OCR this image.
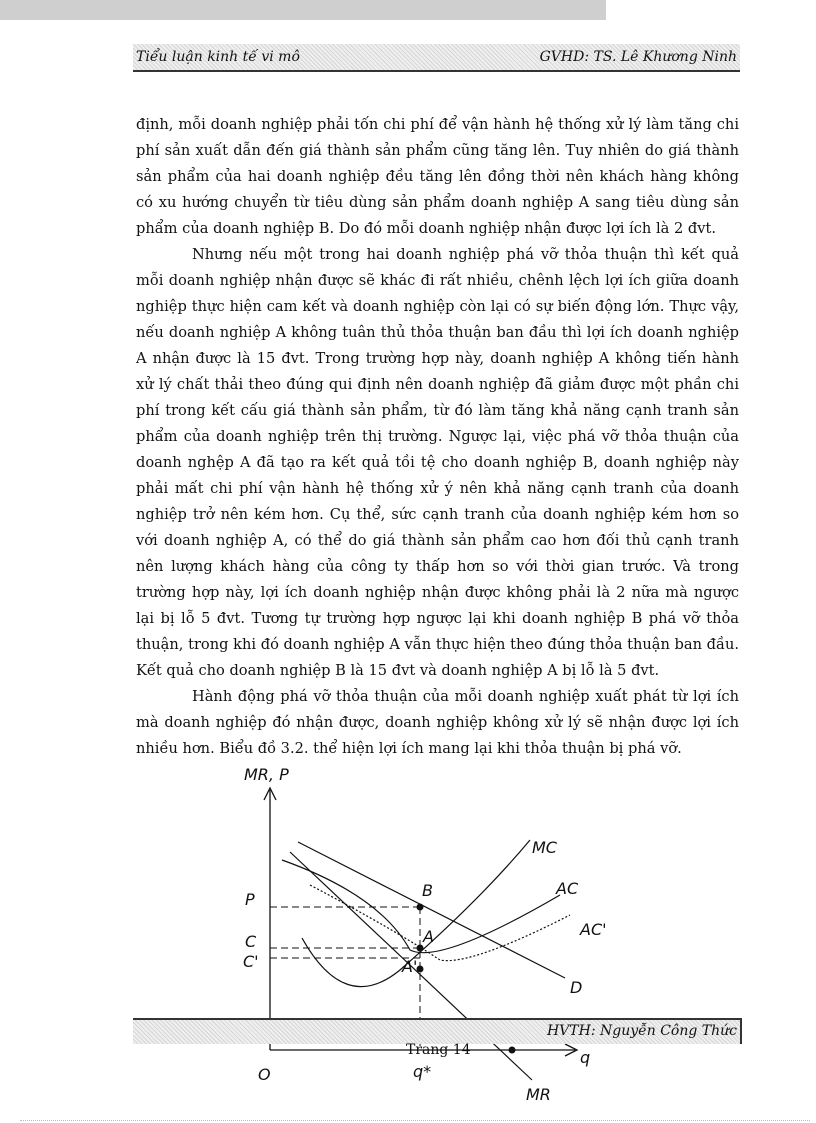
Tiểu luận kinh tế vi mô	GVHD: TS. Lê Khương Ninh

định, mỗi doanh nghiệp phải tốn chi phí để vận hành hệ thống xử lý làm tăng chi phí sản xuất dẫn đến giá thành sản phẩm cũng tăng lên. Tuy nhiên do giá thành sản phẩm của hai doanh nghiệp đều tăng lên đồng thời nên khách hàng không có xu hướng chuyển từ tiêu dùng sản phẩm doanh nghiệp A sang tiêu dùng sản phẩm của doanh nghiệp B. Do đó mỗi doanh nghiệp nhận được lợi ích là 2 đvt.

Nhưng nếu một trong hai doanh nghiệp phá vỡ thỏa thuận thì kết quả mỗi doanh nghiệp nhận được sẽ khác đi rất nhiều, chênh lệch lợi ích giữa doanh nghiệp thực hiện cam kết và doanh nghiệp còn lại có sự biến động lớn. Thực vậy, nếu doanh nghiệp A không tuân thủ thỏa thuận ban đầu thì lợi ích doanh nghiệp A nhận được là 15 đvt. Trong trường hợp này, doanh nghiệp A không tiến hành xử lý chất thải theo đúng qui định nên doanh nghiệp đã giảm được một phần chi phí trong kết cấu giá thành sản phẩm, từ đó làm tăng khả năng cạnh tranh sản phẩm của doanh nghiệp trên thị trường. Ngược lại, việc phá vỡ thỏa thuận của doanh nghệp A đã tạo ra kết quả tồi tệ cho doanh nghiệp B, doanh nghiệp này phải mất chi phí vận hành hệ thống xử ý nên khả năng cạnh tranh của doanh nghiệp trở nên kém hơn. Cụ thể, sức cạnh tranh của doanh nghiệp kém hơn so với doanh nghiệp A, có thể do giá thành sản phẩm cao hơn đối thủ cạnh tranh nên lượng khách hàng của công ty thấp hơn so với thời gian trước. Và trong trường hợp này, lợi ích doanh nghiệp nhận được không phải là 2 nữa mà ngược lại bị lỗ 5 đvt. Tương tự trường hợp ngược lại khi doanh nghiệp B phá vỡ thỏa thuận, trong khi đó doanh nghiệp A vẫn thực hiện theo đúng thỏa thuận ban đầu. Kết quả cho doanh nghiệp B là 15 đvt và doanh nghiệp A bị lỗ là 5 đvt.

Hành động phá vỡ thỏa thuận của mỗi doanh nghiệp xuất phát từ lợi ích mà doanh nghiệp đó nhận được, doanh nghiệp không xử lý sẽ nhận được lợi ích nhiều hơn. Biểu đồ 3.2. thể hiện lợi ích mang lại khi thỏa thuận bị phá vỡ.

MR, P
q
O
P
C
C'
q*
B
A
A'
MC
AC
AC'
D
MR
HVTH: Nguyễn Công Thức
Trang 14
